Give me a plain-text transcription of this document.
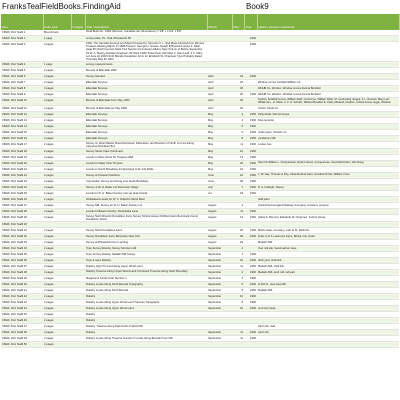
FranksTealFieldBooks.FindingAid	Book9
Item	Folio type	# pages	Title / description	Month	Day	Year	Notes / persons mentioned
CBHS: Flint Teal9 1	Bound book		Field Book 9A - 1960 (Glencoe, Canadian lan (Dimensions) 7 3/8" x 4 3/4" x 5/8"				
CBHS: Flint Teal9 1	1 page		survey table, P.L. Teal, Rhinelands RT			1960	
CBHS: Flint Teal9 2	3 pages		1960, The Glenalta Surveys and Maps Prepared by Sproxton F. L. Teal Mass Adopted from Minutes Trustees Meeting March 14 1866 Present: George H. Grosse Joseph B Bosworth and A.F. Teller page 65 Chief Freeman State Civil Service Commission Albany New York on of Before September 15 W. A. Stacey Assistant Engineer; 82 West 130th Street New York Miss C. Alan Land; 9 C. Mary Lot June 22 1900 North Brande Donaldson Form for Elizabeth W. Chapman Type Probably Dated Thursday May 20 1904			1960	
CBHS: Flint Teal9 4	1 page		survey measurements				
CBHS: Flint Teal9 5	2 pages		Bounds of Ellendale 1960				
CBHS: Flint Teal9 6	2 pages		Survey Glendon	April	23	1960	
CBHS: Flint Teal9 7	2 pages		Ellendale Surveys	April	29		Window comes Scofield William Lot
CBHS: Flint Teal9 8	3 pages		Ellendale Surveys	April	30		WHHB Co. Worden. Window comes Farmal Bonfield
CBHS: Flint Teal9 9	3 pages		Ellendale Surveys	April	30	1960	WHHB Co. Warden. Window comes Farmal Bonfield
CBHS: Flint Teal9 10	2 pages		Bounds of Ellendale From May 1960	April	30		Sydney Scofield survey, William Reid, Curtis Fox, William Teller, M. conducting ranges: F. L. Russell, Mary Lett, William Ex., H. Mack, A. F. H. Schultz, Mildred Bowden E. Kelly, Kirkland, Dodson, school house, Eggs, Window
CBHS: Flint Teal9 11	2 pages		Bounds of Ellendale per May 1960	April	30		Scholt, Shultz lot
CBHS: Flint Teal9 12	2 pages		Ellendale Surveys	May	3	1960	Kelly Road, School House
CBHS: Flint Teal9 13	2 pages		Ellendale Surveys	May	4	1960	Klap recorder
CBHS: Flint Teal9 14	3 pages		Ellendale Surveys	May	5	1960	
CBHS: Flint Teal9 15	2 pages		Ellendale Surveys	May	6	1960	cedar grant, Schultz Lot
CBHS: Flint Teal9 16	2 pages		Ellendale Surveys	May	8	1960	Landstrom Mill
CBHS: Flint Teal9 17	2 pages		Survey on West Market Street Red Hook, Relocation, and Revision of North Lot Line Along Lawrence Reinahes Box	May	11	1960	Linden Ave.
CBHS: Flint Teal9 18	2 pages		Survey Street Cape Continued	May	12	1960	
CBHS: Flint Teal9 19	2 pages		Levels on West Street for Tivigisan Wall	May	13	1960	
CBHS: Flint Teal9 20	2 pages		Levels for Water Tank Timpson	May	20	1960	See Kitt William L. Chamberlain, Robert Hood, conveyances, Greenfield Farm, Dimnberg
CBHS: Flint Teal9 21	2 pages		Levels on South Broadway for Episcopal Curb and Walls	May	22	1960	
CBHS: Flint Teal9 22	3 pages		Survey at Prospect Gardens	June	22	1960	J. W. Hay, Thomas is Klip, Chamberland plant, Jenelica Kritzel, William Crum
CBHS: Flint Teal9 23	3 pages		Corporation Survey Armstrong Line South Broadway	June	28	1960	
CBHS: Flint Teal9 24	2 pages		Survey of W. H. Baker Lot Red Hook Village	July	7	1960	P. H. Fraleigh, Stacey
CBHS: Flint Teal9 25	2 pages		Levels for W. H. Baker Factory (not yet determined)	Jul	18	1960	
CBHS: Flint Teal9 26	2 pages		Wolfwalsed Levels for W. C. Duberfor Motor Boat				Gaff plant
CBHS: Flint Teal9 27	2 pages		Survey Mill. Survey for W. H. Baker Factory Lot	August	4		Central New England Railway Company, cemetery property
CBHS: Flint Teal9 28	2 pages		Levels for Bakers Factory, Dutchdales Lane	August	11	1960	
CBHS: Flint Teal9 29	3 pages		Survey North Riverlot Donaldson Farm Survey School House Old Barrytown Red Hook Corner Donaldson Street	August	13	1960	Isabel S. Bennett, Elizabeth W. Chapman, School House
CBHS: Flint Teal9 30							
CBHS: Flint Teal9 31	2 pages		Survey North Donaldson Farm	August	20	1960	Martin Gale, cemetery, curb at St. Pattricks
CBHS: Flint Teal9 32	3 pages		Survey Donaldson Farm Barrytown New York	August	28	1960	Fixler G & F. Lawrence Farm, Bristol, line, Dutel
CBHS: Flint Teal9 33	2 pages		Survey at Rhinebeck Ferry Landing	August	29		Madalin Mill
CBHS: Flint Teal9 34	2 pages		Topo Survey Rokeby, Survey Morrison Hill	September	2		river mill site, Sand partner, lane
CBHS: Flint Teal9 35	2 pages		Topo Survey Rokeby, Madalin Mill Survey	September	1	1960	
CBHS: Flint Teal9 36	2 pages		Topo & trees Rokeby	September	10	1960	dock yard, shell link
CBHS: Flint Teal9 37	3 pages		Rokeby High Trimmed Along Upper Wood Land	September	11	1960	Madalin Mill, shell link
CBHS: Flint Teal9 38	3 pages		Rokeby Traverse Along Upper Wood Land Continued Traverse Along Outer Boundary	September	2	1960	Madalin Mill, wind mill, tall wall
CBHS: Flint Teal9 39	2 pages		Marginal of Small Chart Number 2	September	3	1960	
CBHS: Flint Teal9 40	3 pages		Rokeby Levels Along North Bounds Topography	September	6	1960	N.R.R.R., lane Sea Mill
CBHS: Flint Teal9 41	2 pages		Rokeby Levels Along North Bounds	September	8	1960	Madalin Mill
CBHS: Flint Teal9 42	2 pages		Rokeby	September	10	1960	
CBHS: Flint Teal9 43	3 pages		Rokeby Levels Along Upper Wood Land Traverse Topography	September	8	1960	
CBHS: Flint Teal9 44	2 pages		Rokeby Levels Along Upper Wood Land	September	10	1960	summer house
CBHS: Flint Teal9 45	2 pages		Rokeby				
CBHS: Flint Teal9 46	2 pages		Rokeby				
CBHS: Flint Teal9 47	2 pages		Rokeby, Traverse Along Path North of Wind Mill				wind mill, road
CBHS: Flint Teal9 48	3 pages		Rokeby	September	11	1960	wind mill
CBHS: Flint Teal9 49	2 pages		Rokeby Levels Along Traverse Number 2 Levels Along Bounds From Mill	September	11	1960	
CBHS: Flint Teal9 50	2 pages						
